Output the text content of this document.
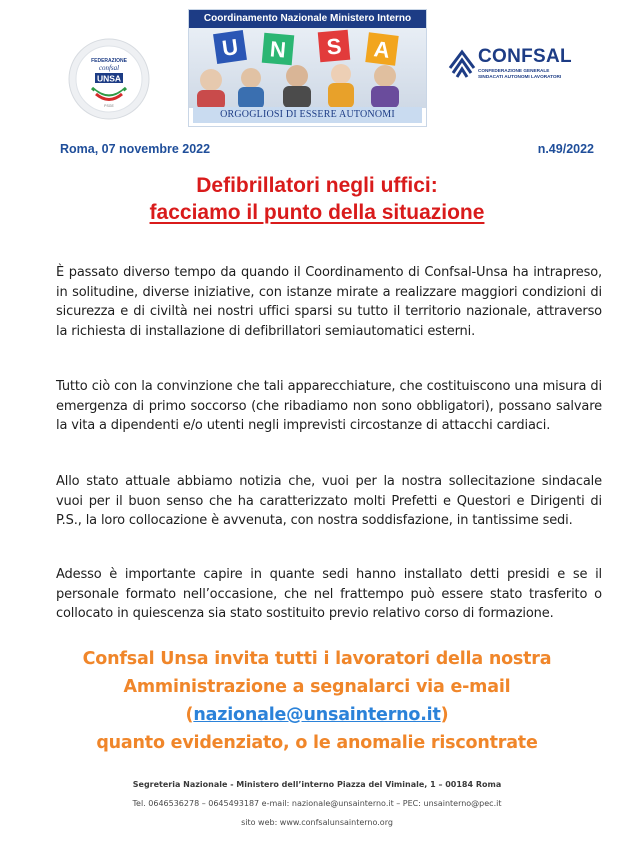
FEDERAZIONE
confsal
UNSA
PSGE
Coordinamento Nazionale Ministero Interno
U N S A
ORGOGLIOSI DI ESSERE AUTONOMI
CONFSAL
CONFEDERAZIONE GENERALE
SINDACATI AUTONOMI LAVORATORI
Roma, 07 novembre 2022	n.49/2022
Defibrillatori negli uffici:
facciamo il punto della situazione
È passato diverso tempo da quando il Coordinamento di Confsal-Unsa ha intrapreso, in solitudine, diverse iniziative, con istanze mirate a realizzare maggiori condizioni di sicurezza e di civiltà nei nostri uffici sparsi su tutto il territorio nazionale, attraverso la richiesta di installazione di defibrillatori semiautomatici esterni.
Tutto ciò con la convinzione che tali apparecchiature, che costituiscono una misura di emergenza di primo soccorso (che ribadiamo non sono obbligatori), possano salvare la vita a dipendenti e/o utenti negli imprevisti circostanze di attacchi cardiaci.
Allo stato attuale abbiamo notizia che, vuoi per la nostra sollecitazione sindacale vuoi per il buon senso che ha caratterizzato molti Prefetti e Questori e Dirigenti di P.S., la loro collocazione è avvenuta, con nostra soddisfazione, in tantissime sedi.
Adesso è importante capire in quante sedi hanno installato detti presidi e se il personale formato nell’occasione, che nel frattempo può essere stato trasferito o collocato in quiescenza sia stato sostituito previo relativo corso di formazione.
Confsal Unsa invita tutti i lavoratori della nostra
Amministrazione a segnalarci via e-mail
(nazionale@unsainterno.it)
quanto evidenziato, o le anomalie riscontrate
Segreteria Nazionale - Ministero dell’interno Piazza del Viminale, 1 – 00184 Roma
Tel. 0646536278 – 0645493187 e-mail: nazionale@unsainterno.it – PEC: unsainterno@pec.it
sito web: www.confsalunsainterno.org
